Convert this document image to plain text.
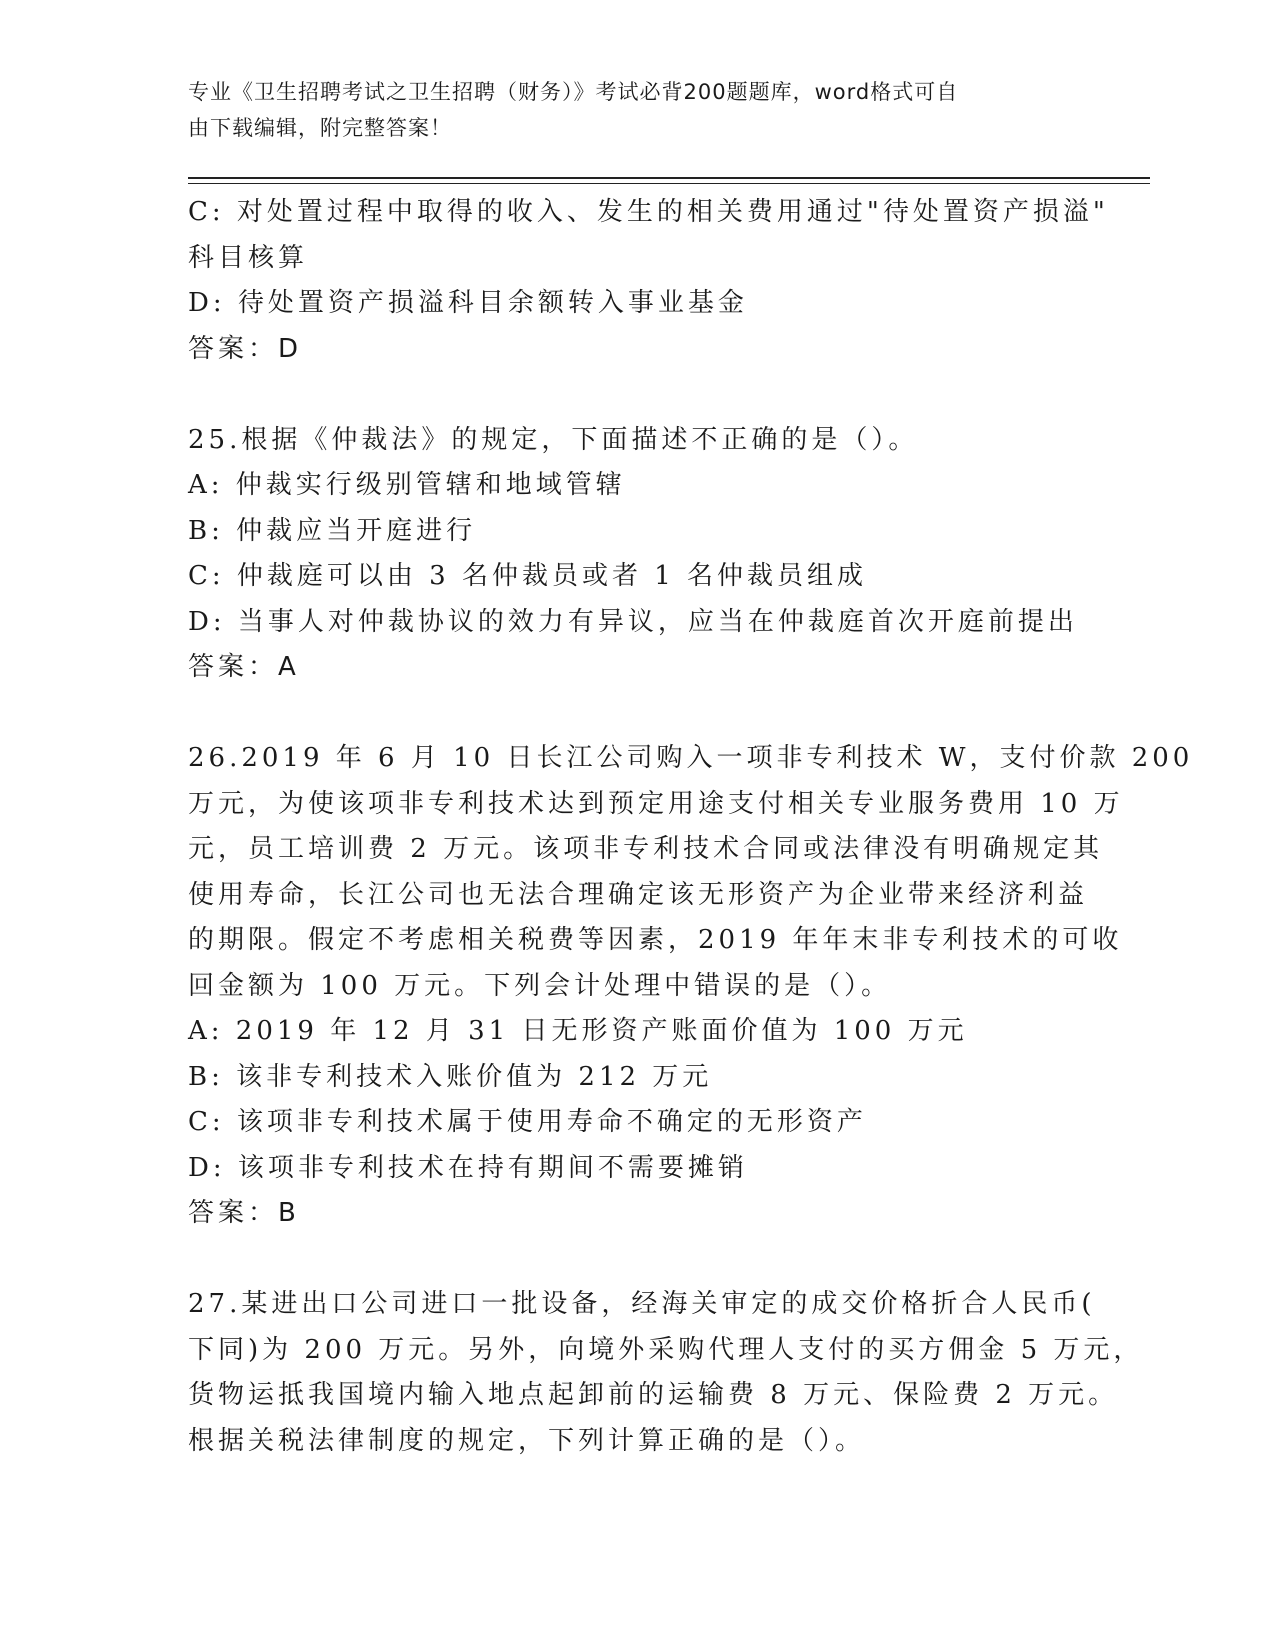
专业《卫生招聘考试之卫生招聘（财务）》考试必背200题题库，word格式可自
由下载编辑，附完整答案！
C: 对处置过程中取得的收入、发生的相关费用通过"待处置资产损溢"
科目核算
D: 待处置资产损溢科目余额转入事业基金
答案：D
25.根据《仲裁法》的规定，下面描述不正确的是（）。
A: 仲裁实行级别管辖和地域管辖
B: 仲裁应当开庭进行
C: 仲裁庭可以由 3 名仲裁员或者 1 名仲裁员组成
D: 当事人对仲裁协议的效力有异议，应当在仲裁庭首次开庭前提出
答案：A
26.2019 年 6 月 10 日长江公司购入一项非专利技术 W，支付价款 200
万元，为使该项非专利技术达到预定用途支付相关专业服务费用 10 万
元，员工培训费 2 万元。该项非专利技术合同或法律没有明确规定其
使用寿命，长江公司也无法合理确定该无形资产为企业带来经济利益
的期限。假定不考虑相关税费等因素，2019 年年末非专利技术的可收
回金额为 100 万元。下列会计处理中错误的是（）。
A: 2019 年 12 月 31 日无形资产账面价值为 100 万元
B: 该非专利技术入账价值为 212 万元
C: 该项非专利技术属于使用寿命不确定的无形资产
D: 该项非专利技术在持有期间不需要摊销
答案：B
27.某进出口公司进口一批设备，经海关审定的成交价格折合人民币(
下同)为 200 万元。另外，向境外采购代理人支付的买方佣金 5 万元，
货物运抵我国境内输入地点起卸前的运输费 8 万元、保险费 2 万元。
根据关税法律制度的规定，下列计算正确的是（）。
